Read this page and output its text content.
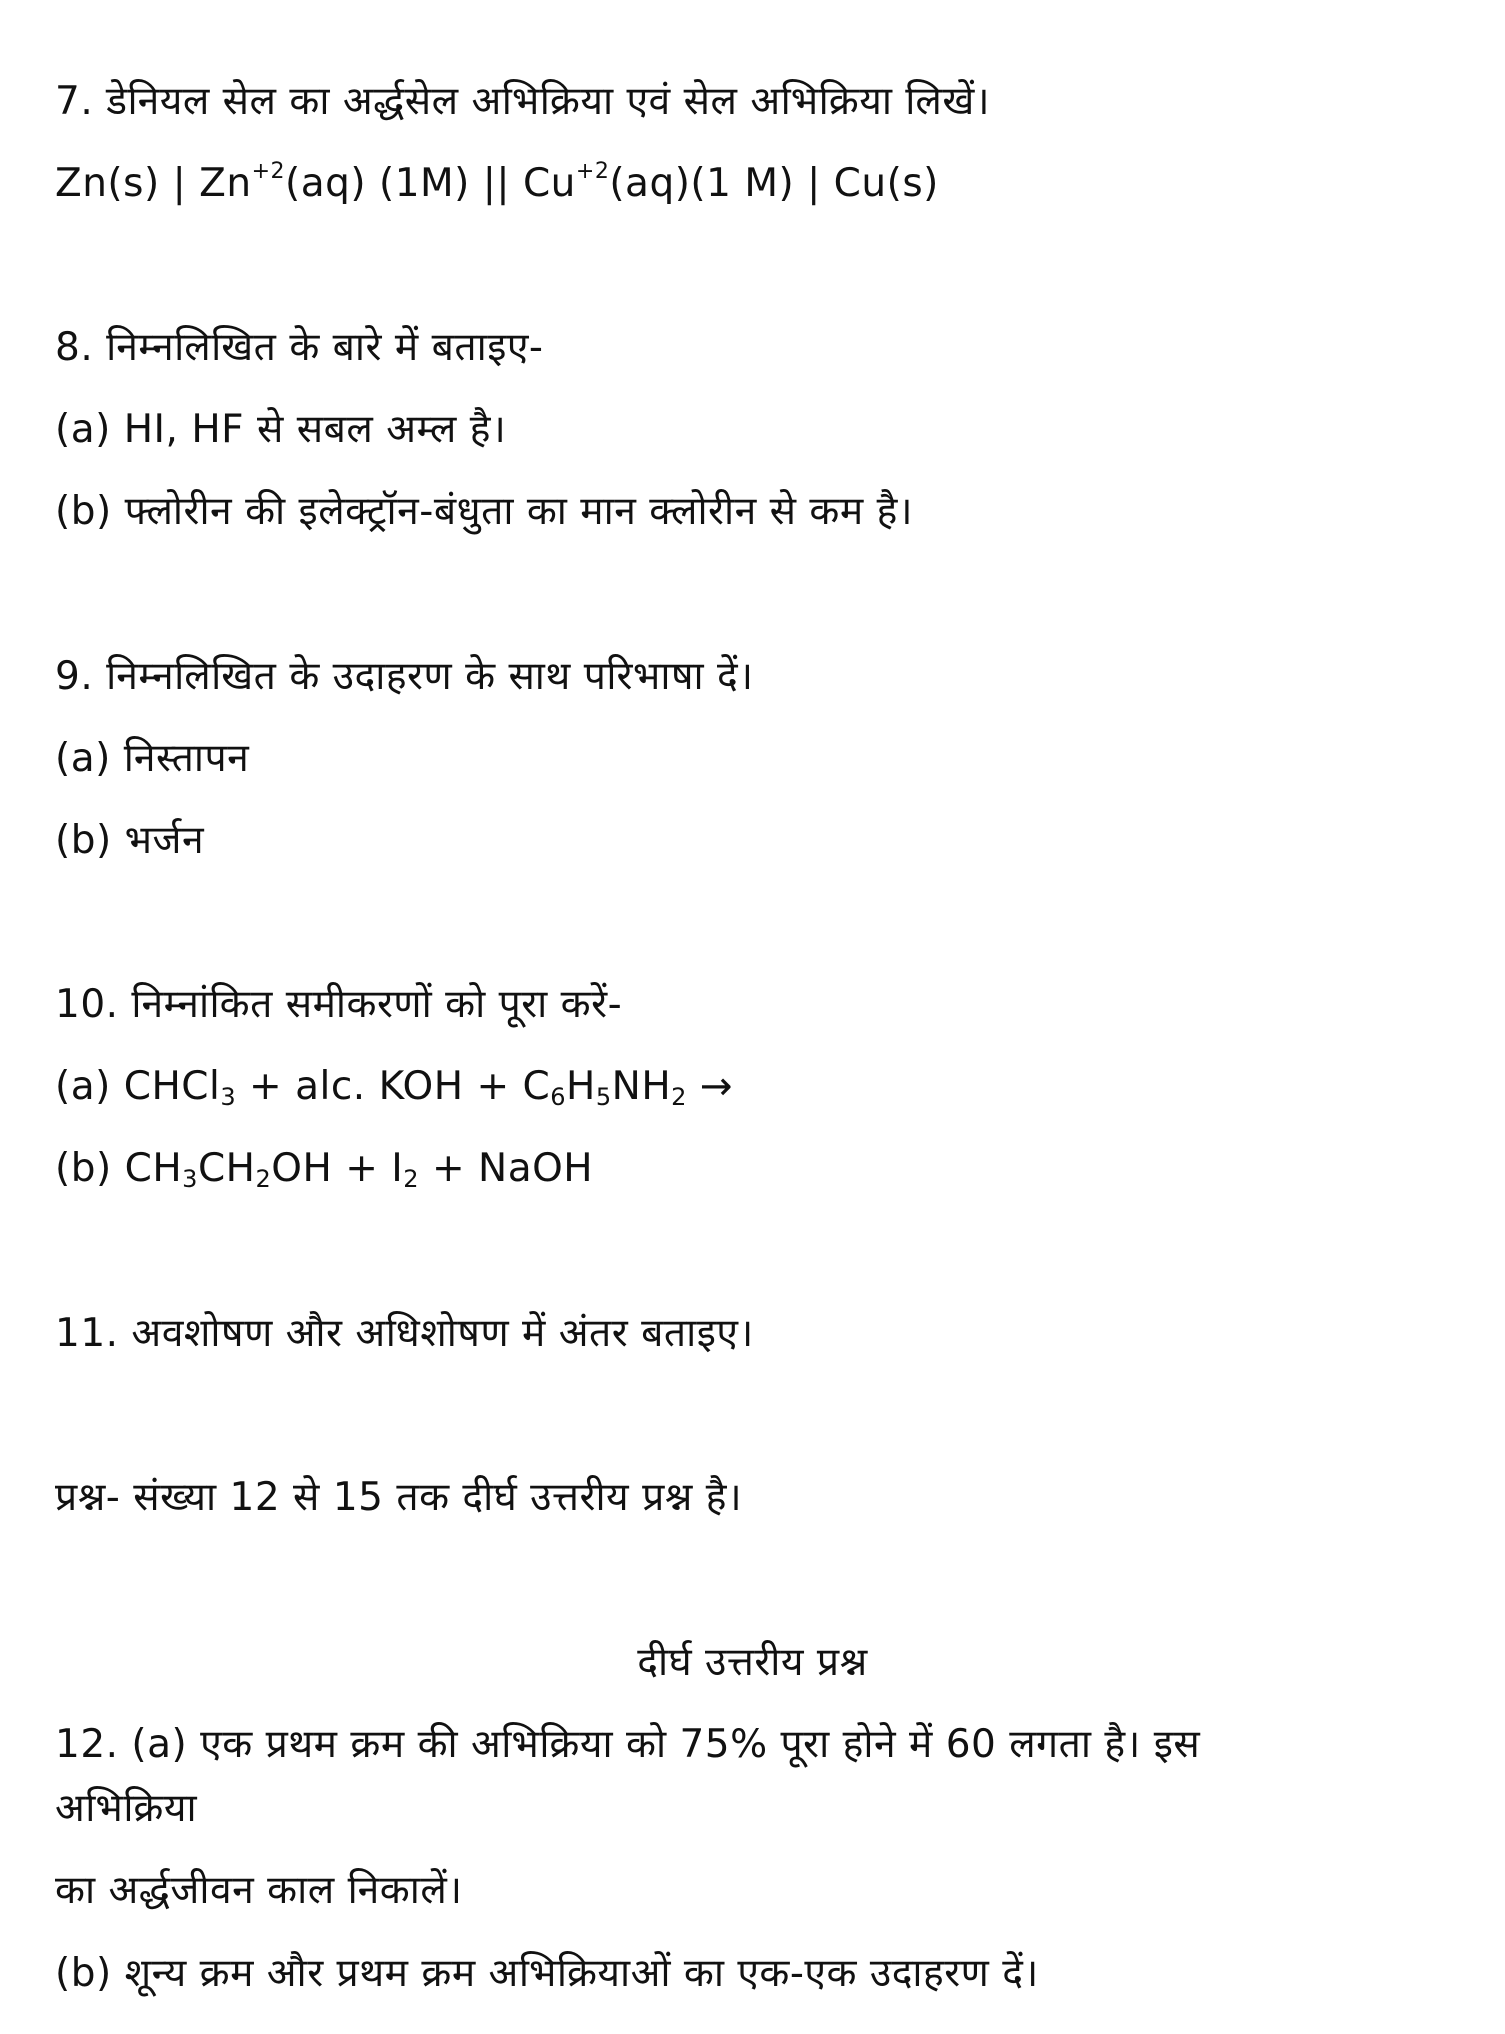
7. डेनियल सेल का अर्द्धसेल अभिक्रिया एवं सेल अभिक्रिया लिखें।
Zn(s) | $Zn^{+2}(aq)$ (1M) || $Cu^{+2}(aq)(1$ M) | Cu(s)
8. निम्नलिखित के बारे में बताइए-
(a) HI, HF से सबल अम्ल है।
(b) फ्लोरीन की इलेक्ट्रॉन-बंधुता का मान क्लोरीन से कम है।
9. निम्नलिखित के उदाहरण के साथ परिभाषा दें।
(a) निस्तापन
(b) भर्जन
10. निम्नांकित समीकरणों को पूरा करें-
(a) CHCl$_3$ + alc. KOH + $C_6H_5NH_2$ →
(b) $CH_3CH_2OH + I_2$ + NaOH
11. अवशोषण और अधिशोषण में अंतर बताइए।
प्रश्न- संख्या 12 से 15 तक दीर्घ उत्तरीय प्रश्न है।
दीर्घ उत्तरीय प्रश्न
12. (a) एक प्रथम क्रम की अभिक्रिया को 75% पूरा होने में 60 लगता है। इस
अभिक्रिया
का अर्द्धजीवन काल निकालें।
(b) शून्य क्रम और प्रथम क्रम अभिक्रियाओं का एक-एक उदाहरण दें।
